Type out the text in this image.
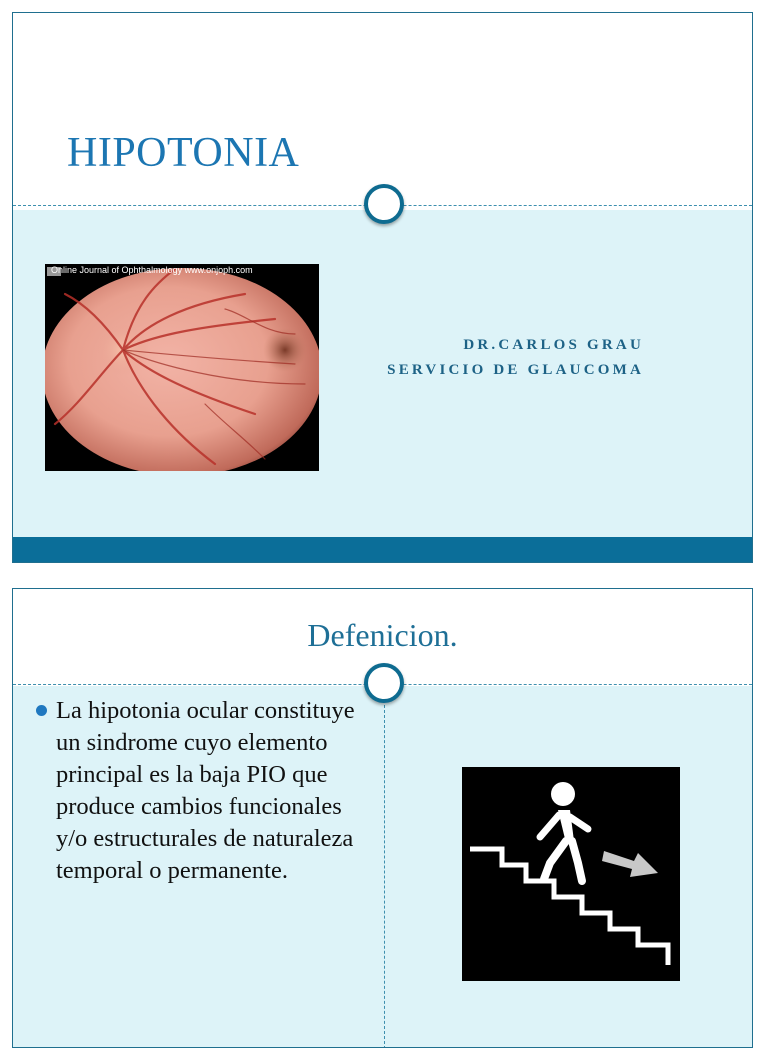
HIPOTONIA
Online Journal of Ophthalmology www.onjoph.com
DR.CARLOS GRAU
SERVICIO DE GLAUCOMA
Defenicion.
La hipotonia ocular constituye un sindrome cuyo elemento principal es la baja PIO que produce cambios funcionales y/o estructurales de naturaleza temporal o permanente.
